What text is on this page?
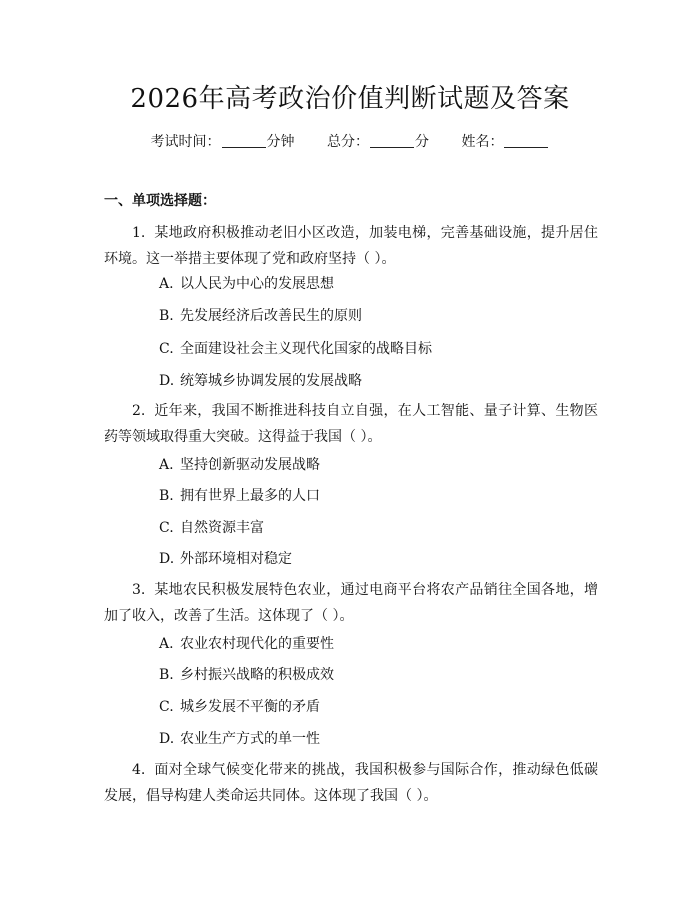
2026年高考政治价值判断试题及答案
考试时间：	分钟 总分：	分 姓名：
一、单项选择题：
1. 某地政府积极推动老旧小区改造，加装电梯，完善基础设施，提升居住环境。这一举措主要体现了党和政府坚持（ ）。
A. 以人民为中心的发展思想
B. 先发展经济后改善民生的原则
C. 全面建设社会主义现代化国家的战略目标
D. 统筹城乡协调发展的发展战略
2. 近年来，我国不断推进科技自立自强，在人工智能、量子计算、生物医药等领域取得重大突破。这得益于我国（ ）。
A. 坚持创新驱动发展战略
B. 拥有世界上最多的人口
C. 自然资源丰富
D. 外部环境相对稳定
3. 某地农民积极发展特色农业，通过电商平台将农产品销往全国各地，增加了收入，改善了生活。这体现了（ ）。
A. 农业农村现代化的重要性
B. 乡村振兴战略的积极成效
C. 城乡发展不平衡的矛盾
D. 农业生产方式的单一性
4. 面对全球气候变化带来的挑战，我国积极参与国际合作，推动绿色低碳发展，倡导构建人类命运共同体。这体现了我国（ ）。
